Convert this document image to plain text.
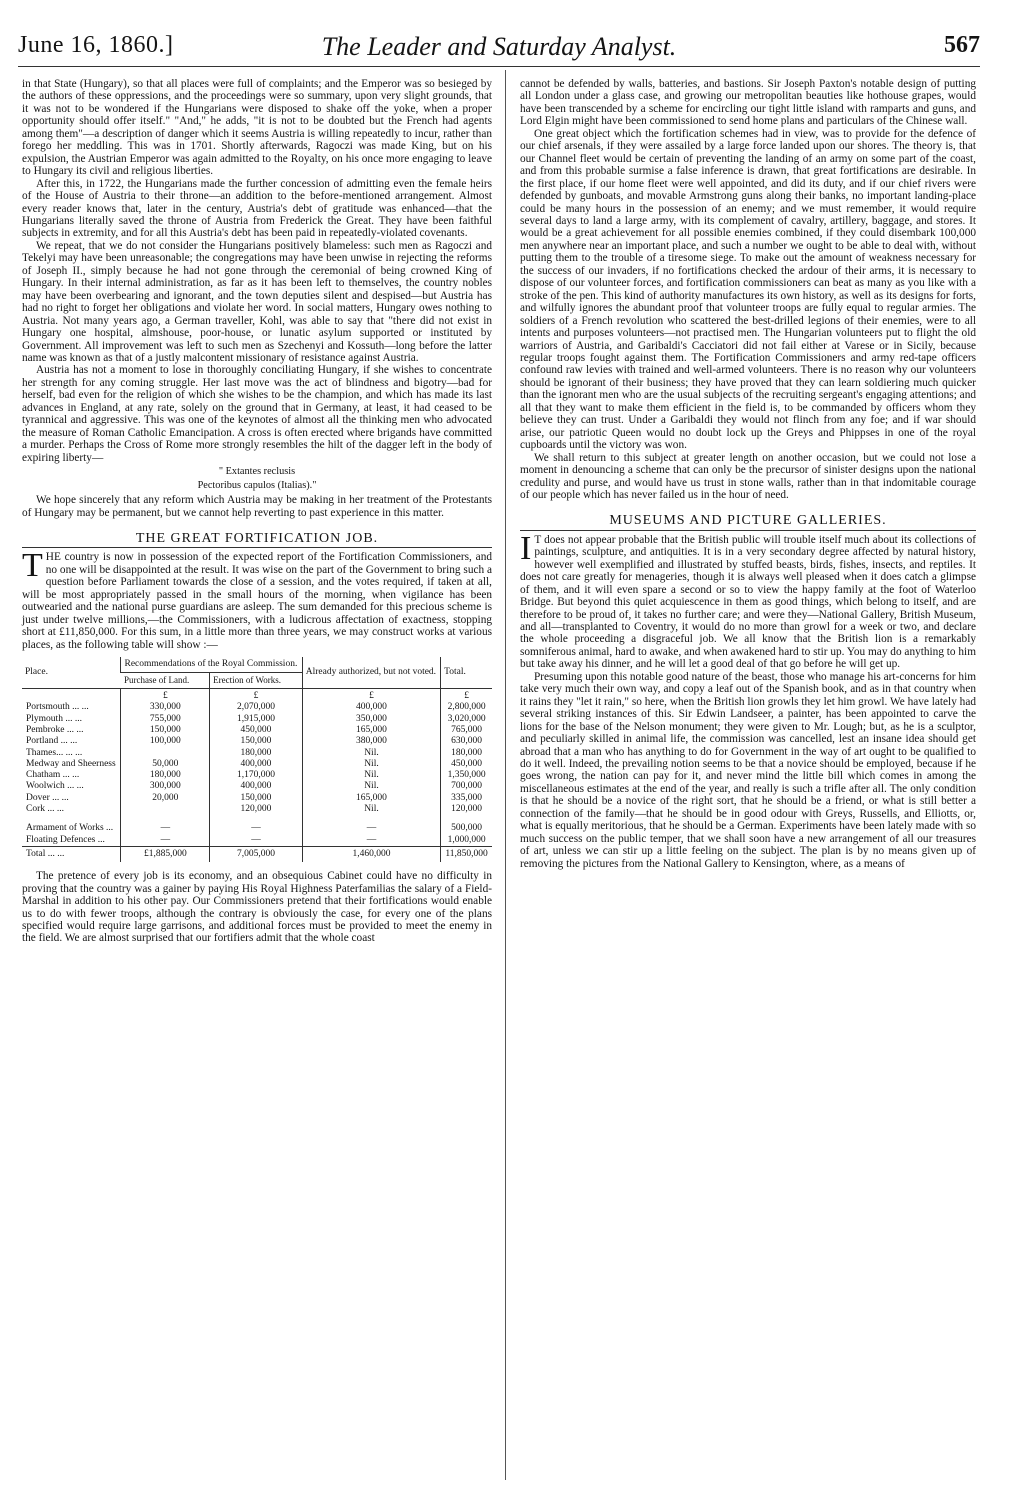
June 16, 1860.]	The Leader and Saturday Analyst.	567

in that State (Hungary), so that all places were full of complaints; and the Emperor was so besieged by the authors of these oppressions, and the proceedings were so summary, upon very slight grounds, that it was not to be wondered if the Hungarians were disposed to shake off the yoke, when a proper opportunity should offer itself." "And," he adds, "it is not to be doubted but the French had agents among them"—a description of danger which it seems Austria is willing repeatedly to incur, rather than forego her meddling. This was in 1701. Shortly afterwards, Ragoczi was made King, but on his expulsion, the Austrian Emperor was again admitted to the Royalty, on his once more engaging to leave to Hungary its civil and religious liberties.

After this, in 1722, the Hungarians made the further concession of admitting even the female heirs of the House of Austria to their throne—an addition to the before-mentioned arrangement. Almost every reader knows that, later in the century, Austria's debt of gratitude was enhanced—that the Hungarians literally saved the throne of Austria from Frederick the Great. They have been faithful subjects in extremity, and for all this Austria's debt has been paid in repeatedly-violated covenants.

We repeat, that we do not consider the Hungarians positively blameless: such men as Ragoczi and Tekelyi may have been unreasonable; the congregations may have been unwise in rejecting the reforms of Joseph II., simply because he had not gone through the ceremonial of being crowned King of Hungary. In their internal administration, as far as it has been left to themselves, the country nobles may have been overbearing and ignorant, and the town deputies silent and despised—but Austria has had no right to forget her obligations and violate her word. In social matters, Hungary owes nothing to Austria. Not many years ago, a German traveller, Kohl, was able to say that "there did not exist in Hungary one hospital, almshouse, poor-house, or lunatic asylum supported or instituted by Government. All improvement was left to such men as Szechenyi and Kossuth—long before the latter name was known as that of a justly malcontent missionary of resistance against Austria.

Austria has not a moment to lose in thoroughly conciliating Hungary, if she wishes to concentrate her strength for any coming struggle. Her last move was the act of blindness and bigotry—bad for herself, bad even for the religion of which she wishes to be the champion, and which has made its last advances in England, at any rate, solely on the ground that in Germany, at least, it had ceased to be tyrannical and aggressive. This was one of the keynotes of almost all the thinking men who advocated the measure of Roman Catholic Emancipation. A cross is often erected where brigands have committed a murder. Perhaps the Cross of Rome more strongly resembles the hilt of the dagger left in the body of expiring liberty—

" Extantes reclusis

Pectoribus capulos (Italias)."

We hope sincerely that any reform which Austria may be making in her treatment of the Protestants of Hungary may be permanent, but we cannot help reverting to past experience in this matter.

THE GREAT FORTIFICATION JOB.

THE country is now in possession of the expected report of the Fortification Commissioners, and no one will be disappointed at the result. It was wise on the part of the Government to bring such a question before Parliament towards the close of a session, and the votes required, if taken at all, will be most appropriately passed in the small hours of the morning, when vigilance has been outwearied and the national purse guardians are asleep. The sum demanded for this precious scheme is just under twelve millions,—the Commissioners, with a ludicrous affectation of exactness, stopping short at £11,850,000. For this sum, in a little more than three years, we may construct works at various places, as the following table will show :—

Place.	Recommendations of the Royal Commission.		Already authorized, but not voted.	Total.
	Purchase of Land.	Erection of Works.		
	£	£	£	£
Portsmouth ... ...	330,000	2,070,000	400,000	2,800,000
Plymouth ... ...	755,000	1,915,000	350,000	3,020,000
Pembroke ... ...	150,000	450,000	165,000	765,000
Portland ... ...	100,000	150,000	380,000	630,000
Thames... ... ...		180,000	Nil.	180,000
Medway and Sheerness	50,000	400,000	Nil.	450,000
Chatham ... ...	180,000	1,170,000	Nil.	1,350,000
Woolwich ... ...	300,000	400,000	Nil.	700,000
Dover ... ...	20,000	150,000	165,000	335,000
Cork ... ...		120,000	Nil.	120,000
Armament of Works ...	—	—	—	500,000
Floating Defences ...	—	—	—	1,000,000
Total ... ...	£1,885,000	7,005,000	1,460,000	11,850,000

The pretence of every job is its economy, and an obsequious Cabinet could have no difficulty in proving that the country was a gainer by paying His Royal Highness Paterfamilias the salary of a Field-Marshal in addition to his other pay. Our Commissioners pretend that their fortifications would enable us to do with fewer troops, although the contrary is obviously the case, for every one of the plans specified would require large garrisons, and additional forces must be provided to meet the enemy in the field. We are almost surprised that our fortifiers admit that the whole coast

cannot be defended by walls, batteries, and bastions. Sir Joseph Paxton's notable design of putting all London under a glass case, and growing our metropolitan beauties like hothouse grapes, would have been transcended by a scheme for encircling our tight little island with ramparts and guns, and Lord Elgin might have been commissioned to send home plans and particulars of the Chinese wall.

One great object which the fortification schemes had in view, was to provide for the defence of our chief arsenals, if they were assailed by a large force landed upon our shores. The theory is, that our Channel fleet would be certain of preventing the landing of an army on some part of the coast, and from this probable surmise a false inference is drawn, that great fortifications are desirable. In the first place, if our home fleet were well appointed, and did its duty, and if our chief rivers were defended by gunboats, and movable Armstrong guns along their banks, no important landing-place could be many hours in the possession of an enemy; and we must remember, it would require several days to land a large army, with its complement of cavalry, artillery, baggage, and stores. It would be a great achievement for all possible enemies combined, if they could disembark 100,000 men anywhere near an important place, and such a number we ought to be able to deal with, without putting them to the trouble of a tiresome siege. To make out the amount of weakness necessary for the success of our invaders, if no fortifications checked the ardour of their arms, it is necessary to dispose of our volunteer forces, and fortification commissioners can beat as many as you like with a stroke of the pen. This kind of authority manufactures its own history, as well as its designs for forts, and wilfully ignores the abundant proof that volunteer troops are fully equal to regular armies. The soldiers of a French revolution who scattered the best-drilled legions of their enemies, were to all intents and purposes volunteers—not practised men. The Hungarian volunteers put to flight the old warriors of Austria, and Garibaldi's Cacciatori did not fail either at Varese or in Sicily, because regular troops fought against them. The Fortification Commissioners and army red-tape officers confound raw levies with trained and well-armed volunteers. There is no reason why our volunteers should be ignorant of their business; they have proved that they can learn soldiering much quicker than the ignorant men who are the usual subjects of the recruiting sergeant's engaging attentions; and all that they want to make them efficient in the field is, to be commanded by officers whom they believe they can trust. Under a Garibaldi they would not flinch from any foe; and if war should arise, our patriotic Queen would no doubt lock up the Greys and Phippses in one of the royal cupboards until the victory was won.

We shall return to this subject at greater length on another occasion, but we could not lose a moment in denouncing a scheme that can only be the precursor of sinister designs upon the national credulity and purse, and would have us trust in stone walls, rather than in that indomitable courage of our people which has never failed us in the hour of need.

MUSEUMS AND PICTURE GALLERIES.

I T does not appear probable that the British public will trouble itself much about its collections of paintings, sculpture, and antiquities. It is in a very secondary degree affected by natural history, however well exemplified and illustrated by stuffed beasts, birds, fishes, insects, and reptiles. It does not care greatly for menageries, though it is always well pleased when it does catch a glimpse of them, and it will even spare a second or so to view the happy family at the foot of Waterloo Bridge. But beyond this quiet acquiescence in them as good things, which belong to itself, and are therefore to be proud of, it takes no further care; and were they—National Gallery, British Museum, and all—transplanted to Coventry, it would do no more than growl for a week or two, and declare the whole proceeding a disgraceful job. We all know that the British lion is a remarkably somniferous animal, hard to awake, and when awakened hard to stir up. You may do anything to him but take away his dinner, and he will let a good deal of that go before he will get up.

Presuming upon this notable good nature of the beast, those who manage his art-concerns for him take very much their own way, and copy a leaf out of the Spanish book, and as in that country when it rains they "let it rain," so here, when the British lion growls they let him growl. We have lately had several striking instances of this. Sir Edwin Landseer, a painter, has been appointed to carve the lions for the base of the Nelson monument; they were given to Mr. Lough; but, as he is a sculptor, and peculiarly skilled in animal life, the commission was cancelled, lest an insane idea should get abroad that a man who has anything to do for Government in the way of art ought to be qualified to do it well. Indeed, the prevailing notion seems to be that a novice should be employed, because if he goes wrong, the nation can pay for it, and never mind the little bill which comes in among the miscellaneous estimates at the end of the year, and really is such a trifle after all. The only condition is that he should be a novice of the right sort, that he should be a friend, or what is still better a connection of the family—that he should be in good odour with Greys, Russells, and Elliotts, or, what is equally meritorious, that he should be a German. Experiments have been lately made with so much success on the public temper, that we shall soon have a new arrangement of all our treasures of art, unless we can stir up a little feeling on the subject. The plan is by no means given up of removing the pictures from the National Gallery to Kensington, where, as a means of
